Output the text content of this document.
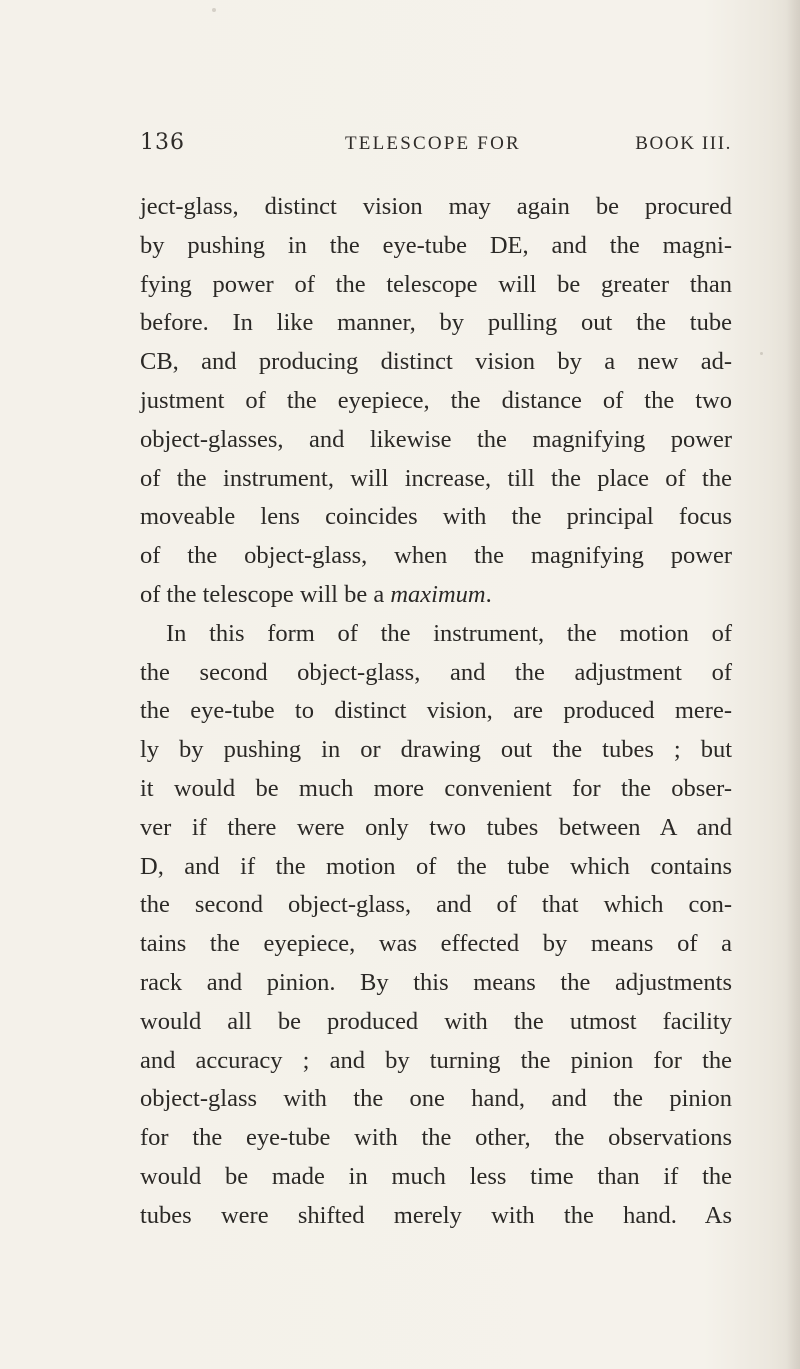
136	TELESCOPE FOR	BOOK III.
ject-glass, distinct vision may again be procured
by pushing in the eye-tube DE, and the magni-
fying power of the telescope will be greater than
before. In like manner, by pulling out the tube
CB, and producing distinct vision by a new ad-
justment of the eyepiece, the distance of the two
object-glasses, and likewise the magnifying power
of the instrument, will increase, till the place of the
moveable lens coincides with the principal focus
of the object-glass, when the magnifying power
of the telescope will be a maximum.
In this form of the instrument, the motion of
the second object-glass, and the adjustment of
the eye-tube to distinct vision, are produced mere-
ly by pushing in or drawing out the tubes ; but
it would be much more convenient for the obser-
ver if there were only two tubes between A and
D, and if the motion of the tube which contains
the second object-glass, and of that which con-
tains the eyepiece, was effected by means of a
rack and pinion. By this means the adjustments
would all be produced with the utmost facility
and accuracy ; and by turning the pinion for the
object-glass with the one hand, and the pinion
for the eye-tube with the other, the observations
would be made in much less time than if the
tubes were shifted merely with the hand. As
